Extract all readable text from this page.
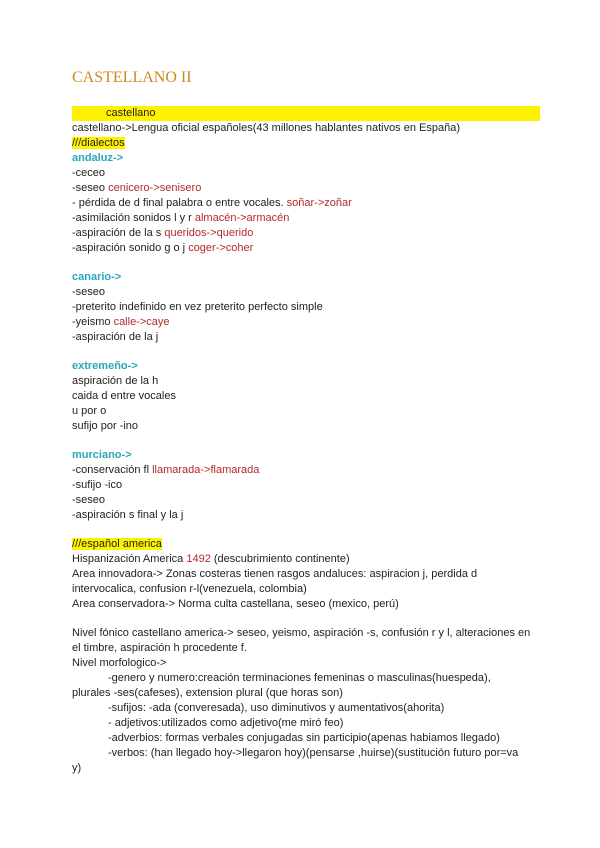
CASTELLANO II
castellano
castellano->Lengua oficial españoles(43 millones hablantes nativos en España)
///dialectos
andaluz->
-ceceo
-seseo cenicero->senisero
- pérdida de d final palabra o entre vocales. soñar->zoñar
-asimilación sonidos l y r almacén->armacén
-aspiración de la s queridos->querido
-aspiración sonido g o j coger->coher
canario->
-seseo
-preterito indefinido en vez preterito perfecto simple
-yeismo calle->caye
-aspiración de la j
extremeño->
aspiración de la h
caida d entre vocales
u por o
sufijo por -ino
murciano->
-conservación fl llamarada->flamarada
-sufijo -ico
-seseo
-aspiración s final y la j
///español america
Hispanización America 1492 (descubrimiento continente)
Area innovadora-> Zonas costeras tienen rasgos andaluces: aspiracion j, perdida d intervocalica, confusion r-l(venezuela, colombia)
Area conservadora-> Norma culta castellana, seseo (mexico, perú)
Nivel fónico castellano america-> seseo, yeismo, aspiración -s, confusión r y l, alteraciones en el timbre, aspiración h procedente f.
Nivel morfologico->
-genero y numero:creación terminaciones femeninas o masculinas(huespeda),
plurales -ses(cafeses), extension plural (que horas son)
-sufijos: -ada (converesada), uso diminutivos y aumentativos(ahorita)
- adjetivos:utilizados como adjetivo(me miró feo)
-adverbios: formas verbales conjugadas sin participio(apenas habiamos llegado)
-verbos: (han llegado hoy->llegaron hoy)(pensarse ,huirse)(sustitución futuro por=va
y)
